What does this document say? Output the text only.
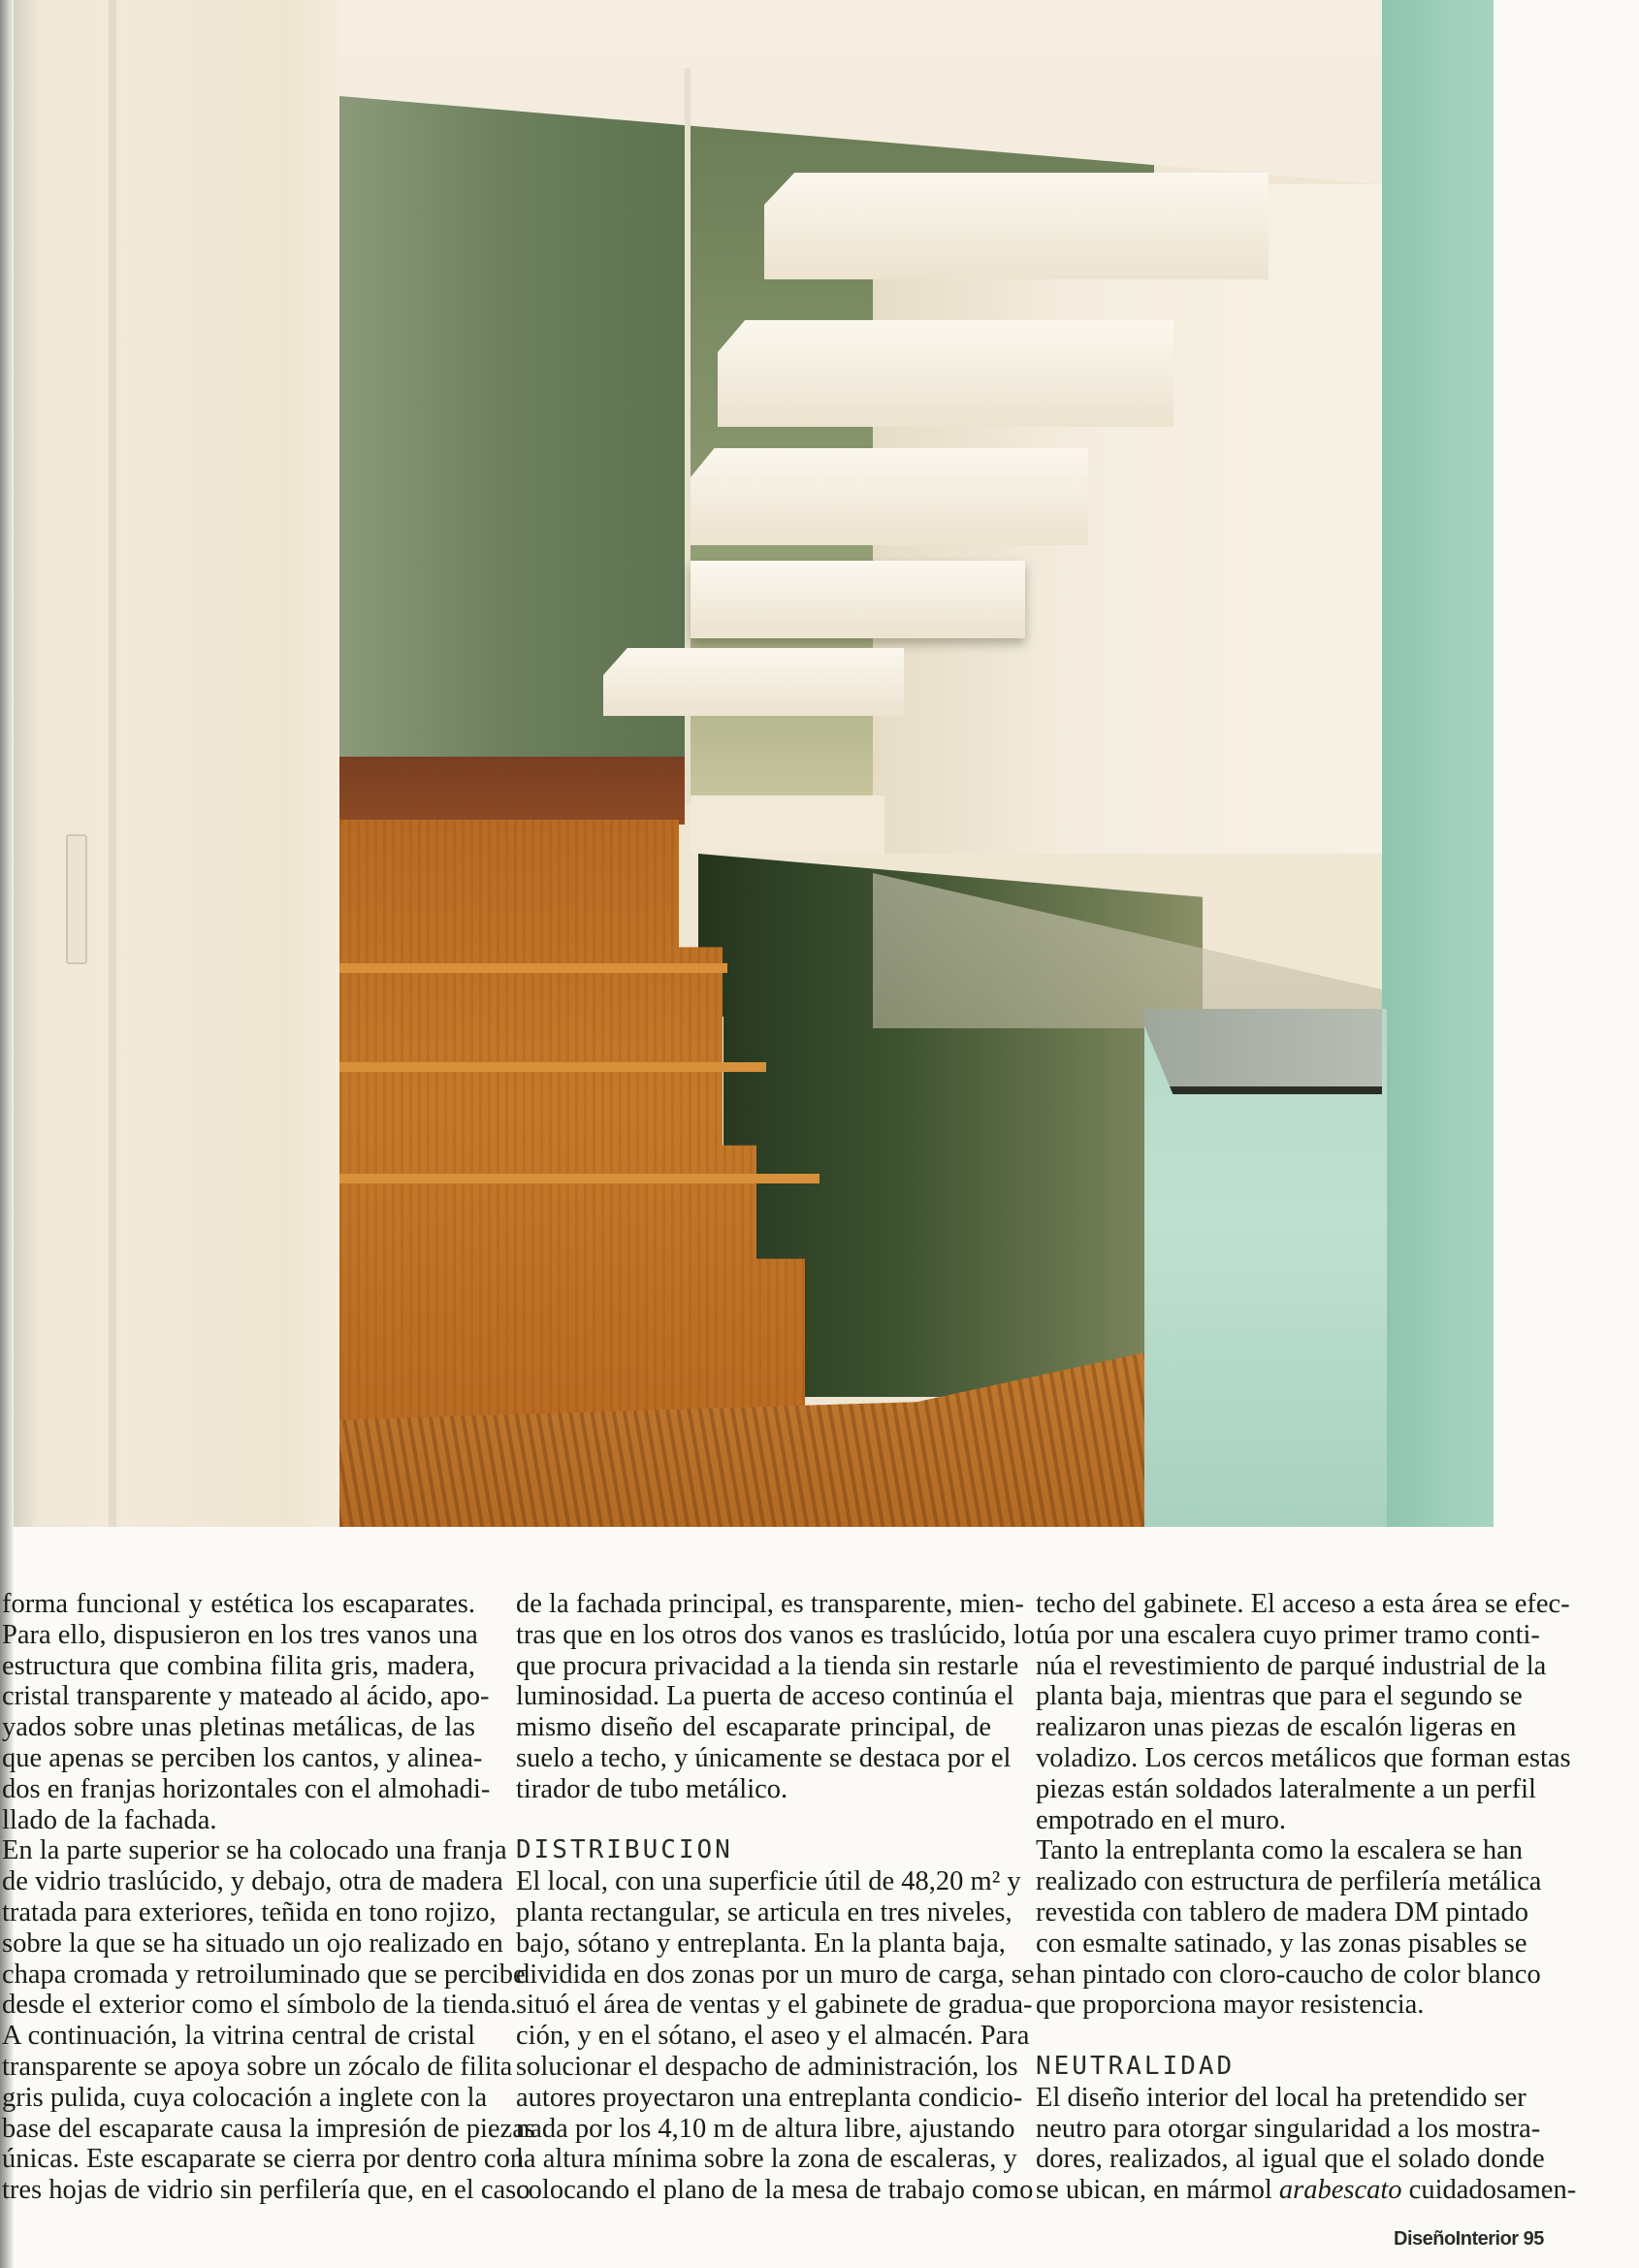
forma funcional y estética los escaparates.
Para ello, dispusieron en los tres vanos una
estructura que combina filita gris, madera,
cristal transparente y mateado al ácido, apo-
yados sobre unas pletinas metálicas, de las
que apenas se perciben los cantos, y alinea-
dos en franjas horizontales con el almohadi-
llado de la fachada.

En la parte superior se ha colocado una franja
de vidrio traslúcido, y debajo, otra de madera
tratada para exteriores, teñida en tono rojizo,
sobre la que se ha situado un ojo realizado en
chapa cromada y retroiluminado que se percibe
desde el exterior como el símbolo de la tienda.
A continuación, la vitrina central de cristal
transparente se apoya sobre un zócalo de filita
gris pulida, cuya colocación a inglete con la
base del escaparate causa la impresión de piezas
únicas. Este escaparate se cierra por dentro con
tres hojas de vidrio sin perfilería que, en el caso

de la fachada principal, es transparente, mien-
tras que en los otros dos vanos es traslúcido, lo
que procura privacidad a la tienda sin restarle
luminosidad. La puerta de acceso continúa el
mismo diseño del escaparate principal, de
suelo a techo, y únicamente se destaca por el
tirador de tubo metálico.

DISTRIBUCION

El local, con una superficie útil de 48,20 m² y
planta rectangular, se articula en tres niveles,
bajo, sótano y entreplanta. En la planta baja,
dividida en dos zonas por un muro de carga, se
situó el área de ventas y el gabinete de gradua-
ción, y en el sótano, el aseo y el almacén. Para
solucionar el despacho de administración, los
autores proyectaron una entreplanta condicio-
nada por los 4,10 m de altura libre, ajustando
la altura mínima sobre la zona de escaleras, y
colocando el plano de la mesa de trabajo como

techo del gabinete. El acceso a esta área se efec-
túa por una escalera cuyo primer tramo conti-
núa el revestimiento de parqué industrial de la
planta baja, mientras que para el segundo se
realizaron unas piezas de escalón ligeras en
voladizo. Los cercos metálicos que forman estas
piezas están soldados lateralmente a un perfil
empotrado en el muro.

Tanto la entreplanta como la escalera se han
realizado con estructura de perfilería metálica
revestida con tablero de madera DM pintado
con esmalte satinado, y las zonas pisables se
han pintado con cloro-caucho de color blanco
que proporciona mayor resistencia.

NEUTRALIDAD

El diseño interior del local ha pretendido ser
neutro para otorgar singularidad a los mostra-
dores, realizados, al igual que el solado donde
se ubican, en mármol arabescato cuidadosamen-

DiseñoInterior 95
